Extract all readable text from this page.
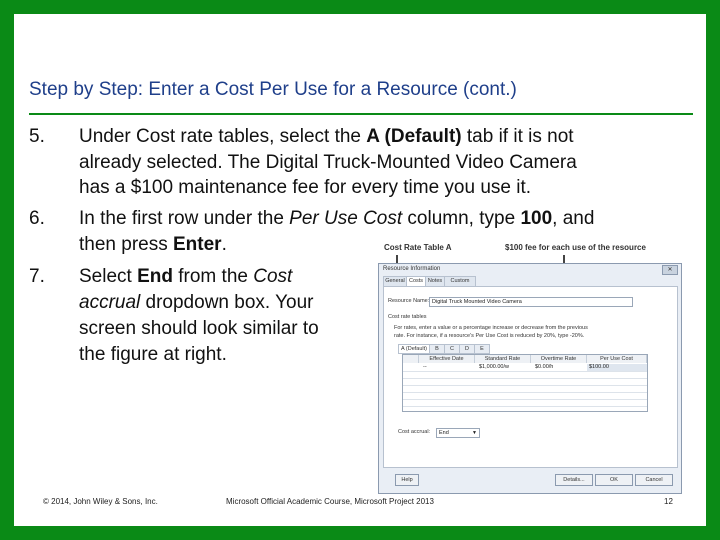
Step by Step: Enter a Cost Per Use for a Resource (cont.)
5. Under Cost rate tables, select the A (Default) tab if it is not
already selected. The Digital Truck-Mounted Video Camera
has a $100 maintenance fee for every time you use it.
6. In the first row under the Per Use Cost column, type 100, and
then press Enter.
7. Select End from the Cost
accrual dropdown box. Your
screen should look similar to
the figure at right.
Cost Rate Table A	$100 fee for each use of the resource
Resource Information	✕
General Costs Notes	Custom
Resource Name: Digital Truck Mounted Video Camera
Cost rate tables
For rates, enter a value or a percentage increase or decrease from the previous
rate. For instance, if a resource's Per Use Cost is reduced by 20%, type -20%.
A (Default)	B	C	D	E
Effective Date	Standard Rate	Overtime Rate	Per Use Cost
--	$1,000.00/w	$0.00/h	$100.00
Cost accrual:	End	▼
Help	Details...	OK	Cancel
© 2014, John Wiley & Sons, Inc.	Microsoft Official Academic Course, Microsoft Project 2013	12
